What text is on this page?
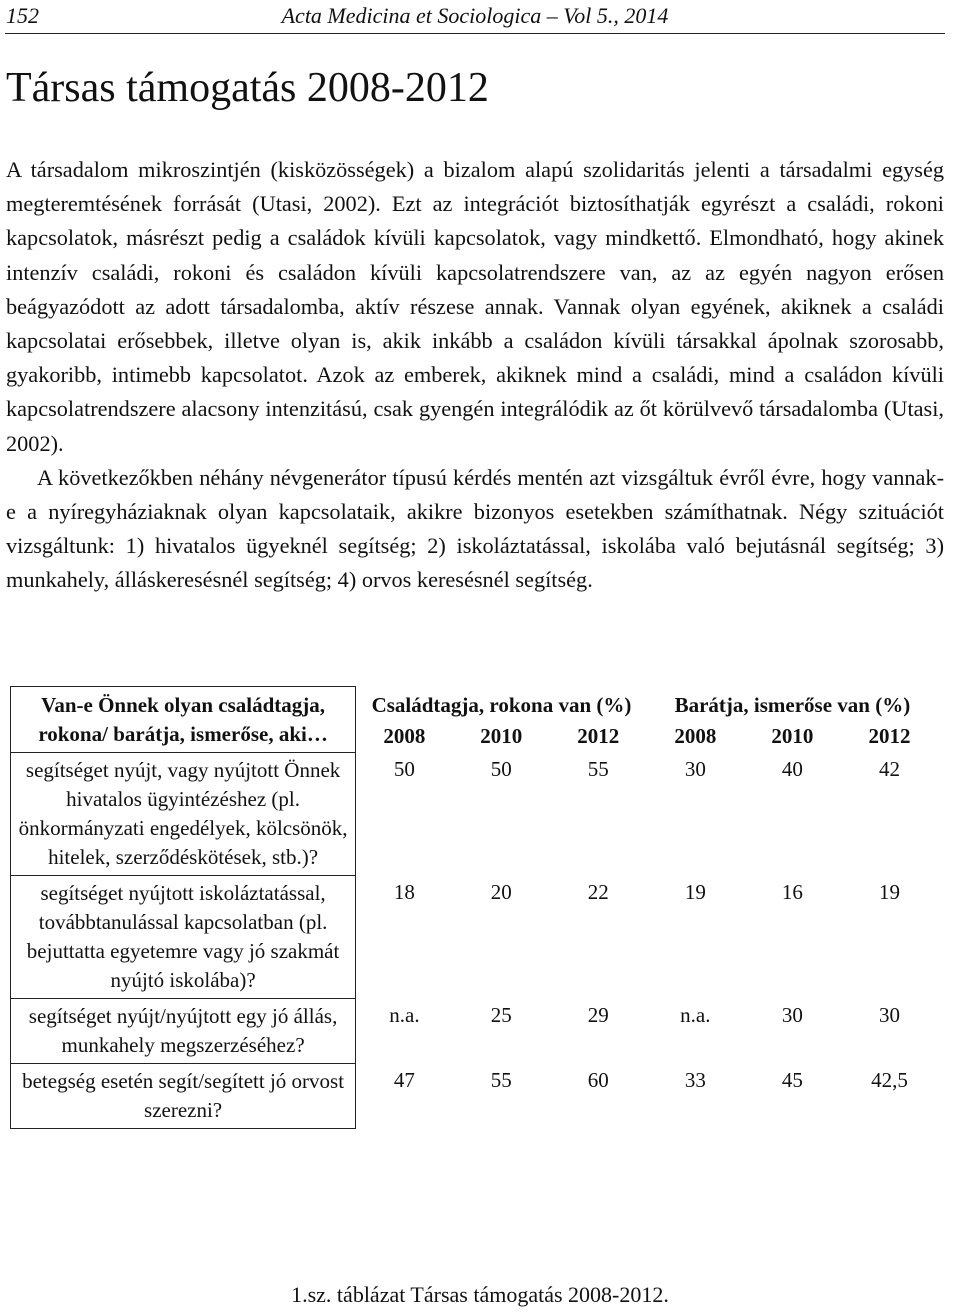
152	Acta Medicina et Sociologica – Vol 5., 2014
Társas támogatás 2008-2012

A társadalom mikroszintjén (kisközösségek) a bizalom alapú szolidaritás jelenti a társadalmi egység megteremtésének forrását (Utasi, 2002). Ezt az integrációt biztosíthatják egyrészt a családi, rokoni kapcsolatok, másrészt pedig a családok kívüli kapcsolatok, vagy mindkettő. Elmondható, hogy akinek intenzív családi, rokoni és családon kívüli kapcsolatrendszere van, az az egyén nagyon erősen beágyazódott az adott társadalomba, aktív részese annak. Vannak olyan egyének, akiknek a családi kapcsolatai erősebbek, illetve olyan is, akik inkább a családon kívüli társakkal ápolnak szorosabb, gyakoribb, intimebb kapcsolatot. Azok az emberek, akiknek mind a családi, mind a családon kívüli kapcsolatrendszere alacsony intenzitású, csak gyengén integrálódik az őt körülvevő társadalomba (Utasi, 2002).

A következőkben néhány névgenerátor típusú kérdés mentén azt vizsgáltuk évről évre, hogy vannak-e a nyíregyháziaknak olyan kapcsolataik, akikre bizonyos esetekben számíthatnak. Négy szituációt vizsgáltunk: 1) hivatalos ügyeknél segítség; 2) iskoláztatással, iskolába való bejutásnál segítség; 3) munkahely, álláskeresésnél segítség; 4) orvos keresésnél segítség.

Van-e Önnek olyan családtagja, rokona/ barátja, ismerőse, aki…	Családtagja, rokona van (%)			Barátja, ismerőse van (%)		
	2008	2010	2012	2008	2010	2012
segítséget nyújt, vagy nyújtott Önnek hivatalos ügyintézéshez (pl. önkormányzati engedélyek, kölcsönök, hitelek, szerződéskötések, stb.)?	50	50	55	30	40	42
segítséget nyújtott iskoláztatással, továbbtanulással kapcsolatban (pl. bejuttatta egyetemre vagy jó szakmát nyújtó iskolába)?	18	20	22	19	16	19
segítséget nyújt/nyújtott egy jó állás, munkahely megszerzéséhez?	n.a.	25	29	n.a.	30	30
betegség esetén segít/segített jó orvost szerezni?	47	55	60	33	45	42,5
1.sz. táblázat Társas támogatás 2008-2012.
